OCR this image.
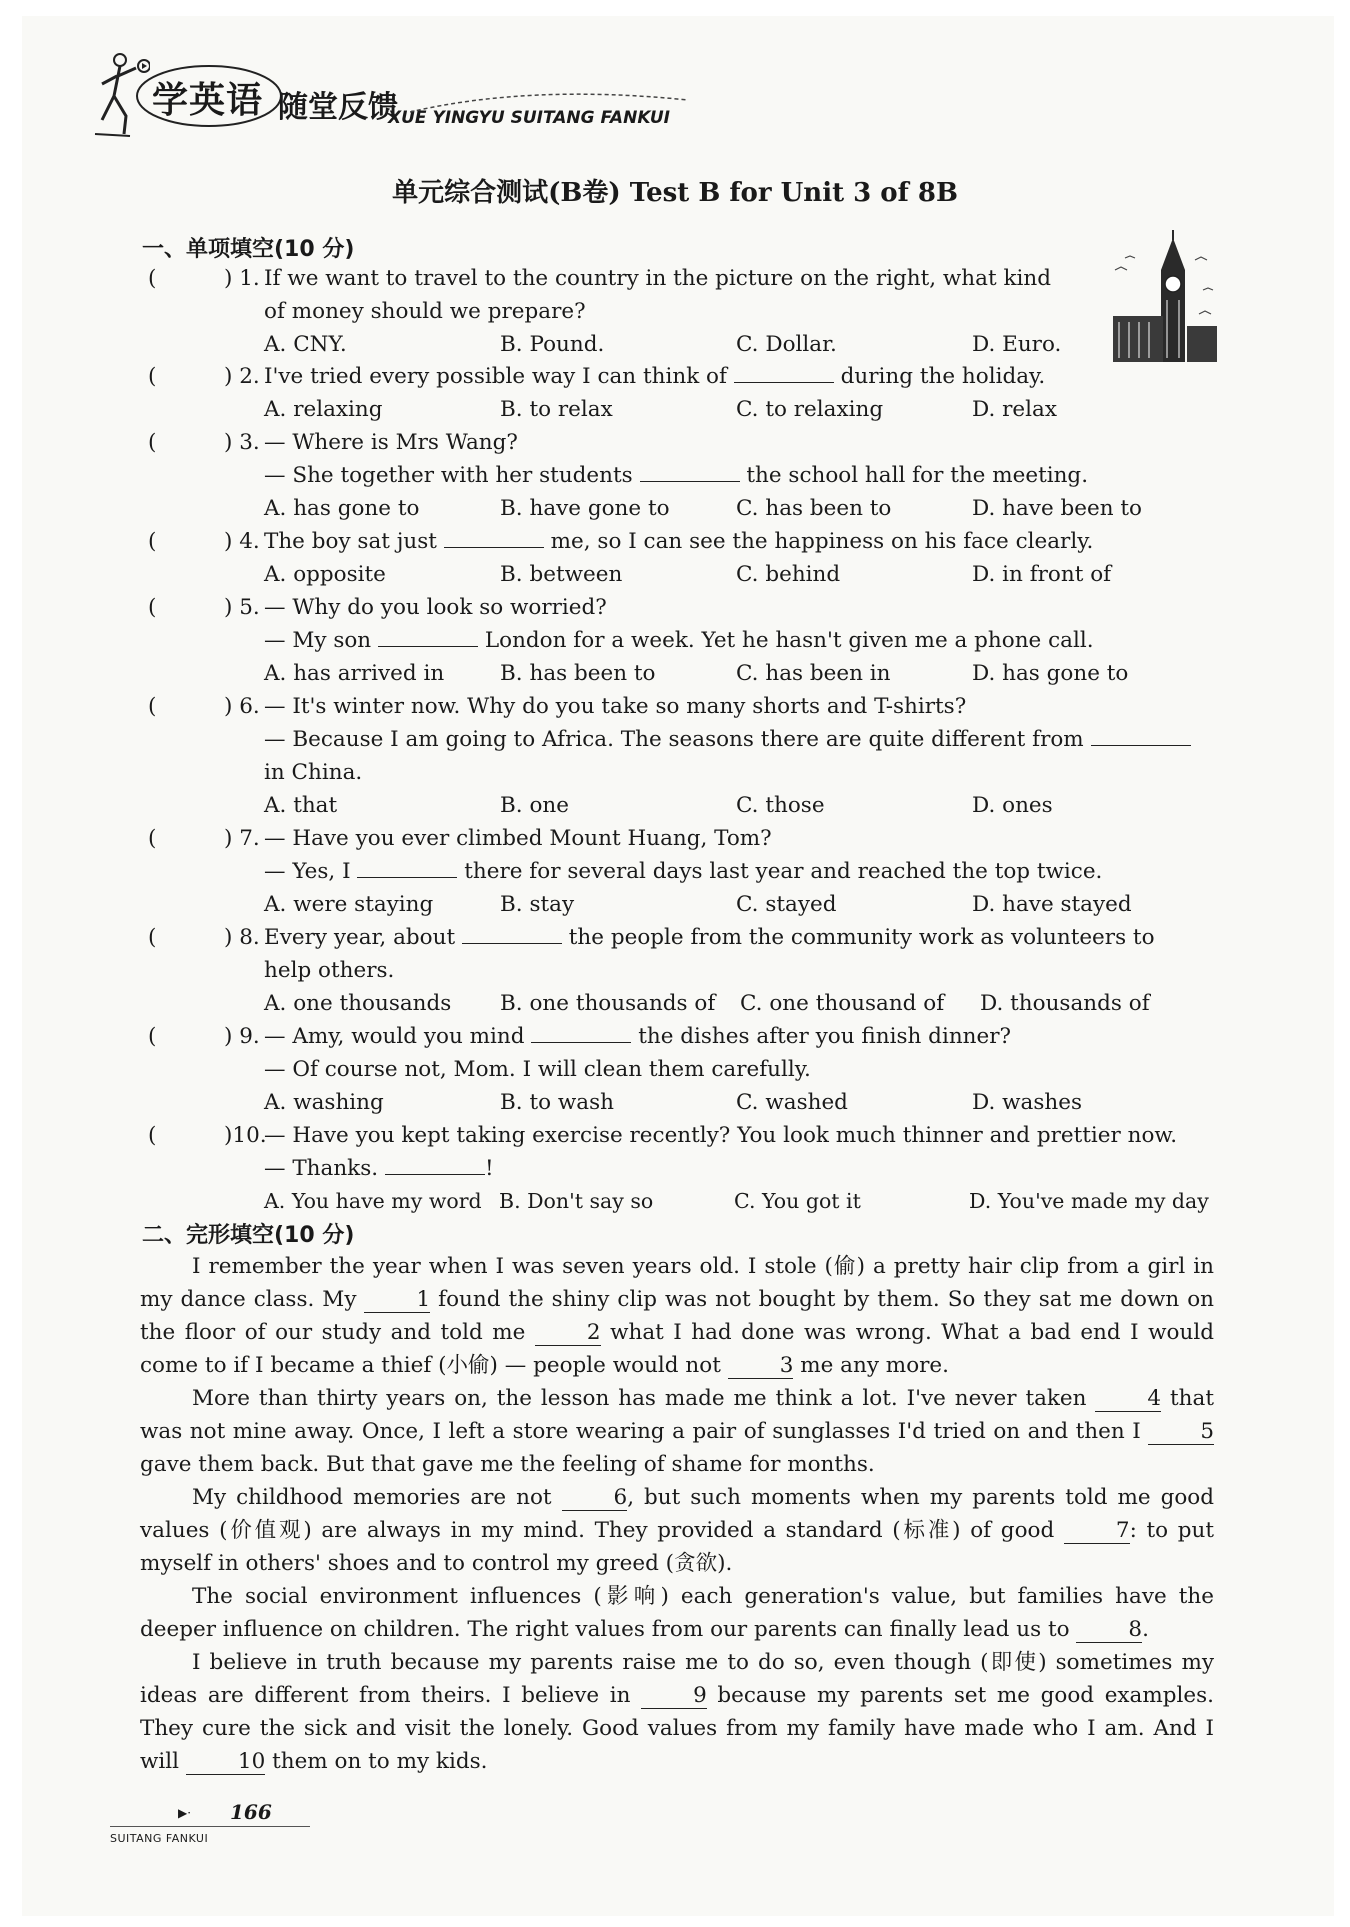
学英语 随堂反馈
XUE YINGYU SUITANG FANKUI
单元综合测试(B卷) Test B for Unit 3 of 8B
一、单项填空(10 分)
(	) 1. If we want to travel to the country in the picture on the right, what kind
of money should we prepare?
A. CNY.	B. Pound.	C. Dollar.	D. Euro.
(	) 2. I've tried every possible way I can think of	during the holiday.
A. relaxing	B. to relax	C. to relaxing	D. relax
(	) 3. — Where is Mrs Wang?
— She together with her students	the school hall for the meeting.
A. has gone to	B. have gone to	C. has been to	D. have been to
(	) 4. The boy sat just	me, so I can see the happiness on his face clearly.
A. opposite	B. between	C. behind	D. in front of
(	) 5. — Why do you look so worried?
— My son	London for a week. Yet he hasn't given me a phone call.
A. has arrived in	B. has been to	C. has been in	D. has gone to
(	) 6. — It's winter now. Why do you take so many shorts and T-shirts?
— Because I am going to Africa. The seasons there are quite different from
in China.
A. that	B. one	C. those	D. ones
(	) 7. — Have you ever climbed Mount Huang, Tom?
— Yes, I	there for several days last year and reached the top twice.
A. were staying	B. stay	C. stayed	D. have stayed
(	) 8. Every year, about	the people from the community work as volunteers to
help others.
A. one thousands	B. one thousands of	C. one thousand of	D. thousands of
(	) 9. — Amy, would you mind	the dishes after you finish dinner?
— Of course not, Mom. I will clean them carefully.
A. washing	B. to wash	C. washed	D. washes
(	)10.— Have you kept taking exercise recently? You look much thinner and prettier now.
— Thanks.	!
A. You have my word B. Don't say so	C. You got it	D. You've made my day
二、完形填空(10 分)

I remember the year when I was seven years old. I stole (偷) a pretty hair clip from a girl in my dance class. My	1 found the shiny clip was not bought by them. So they sat me down on the floor of our study and told me	2 what I had done was wrong. What a bad end I would come to if I became a thief (小偷) — people would not	3 me any more.

More than thirty years on, the lesson has made me think a lot. I've never taken	4 that was not mine away. Once, I left a store wearing a pair of sunglasses I'd tried on and then I	5 gave them back. But that gave me the feeling of shame for months.

My childhood memories are not	6, but such moments when my parents told me good values (价值观) are always in my mind. They provided a standard (标准) of good	7: to put myself in others' shoes and to control my greed (贪欲).

The social environment influences (影响) each generation's value, but families have the deeper influence on children. The right values from our parents can finally lead us to	8.

I believe in truth because my parents raise me to do so, even though (即使) sometimes my ideas are different from theirs. I believe in	9 because my parents set me good examples. They cure the sick and visit the lonely. Good values from my family have made who I am. And I will	10 them on to my kids.

▶· 166
SUITANG FANKUI
